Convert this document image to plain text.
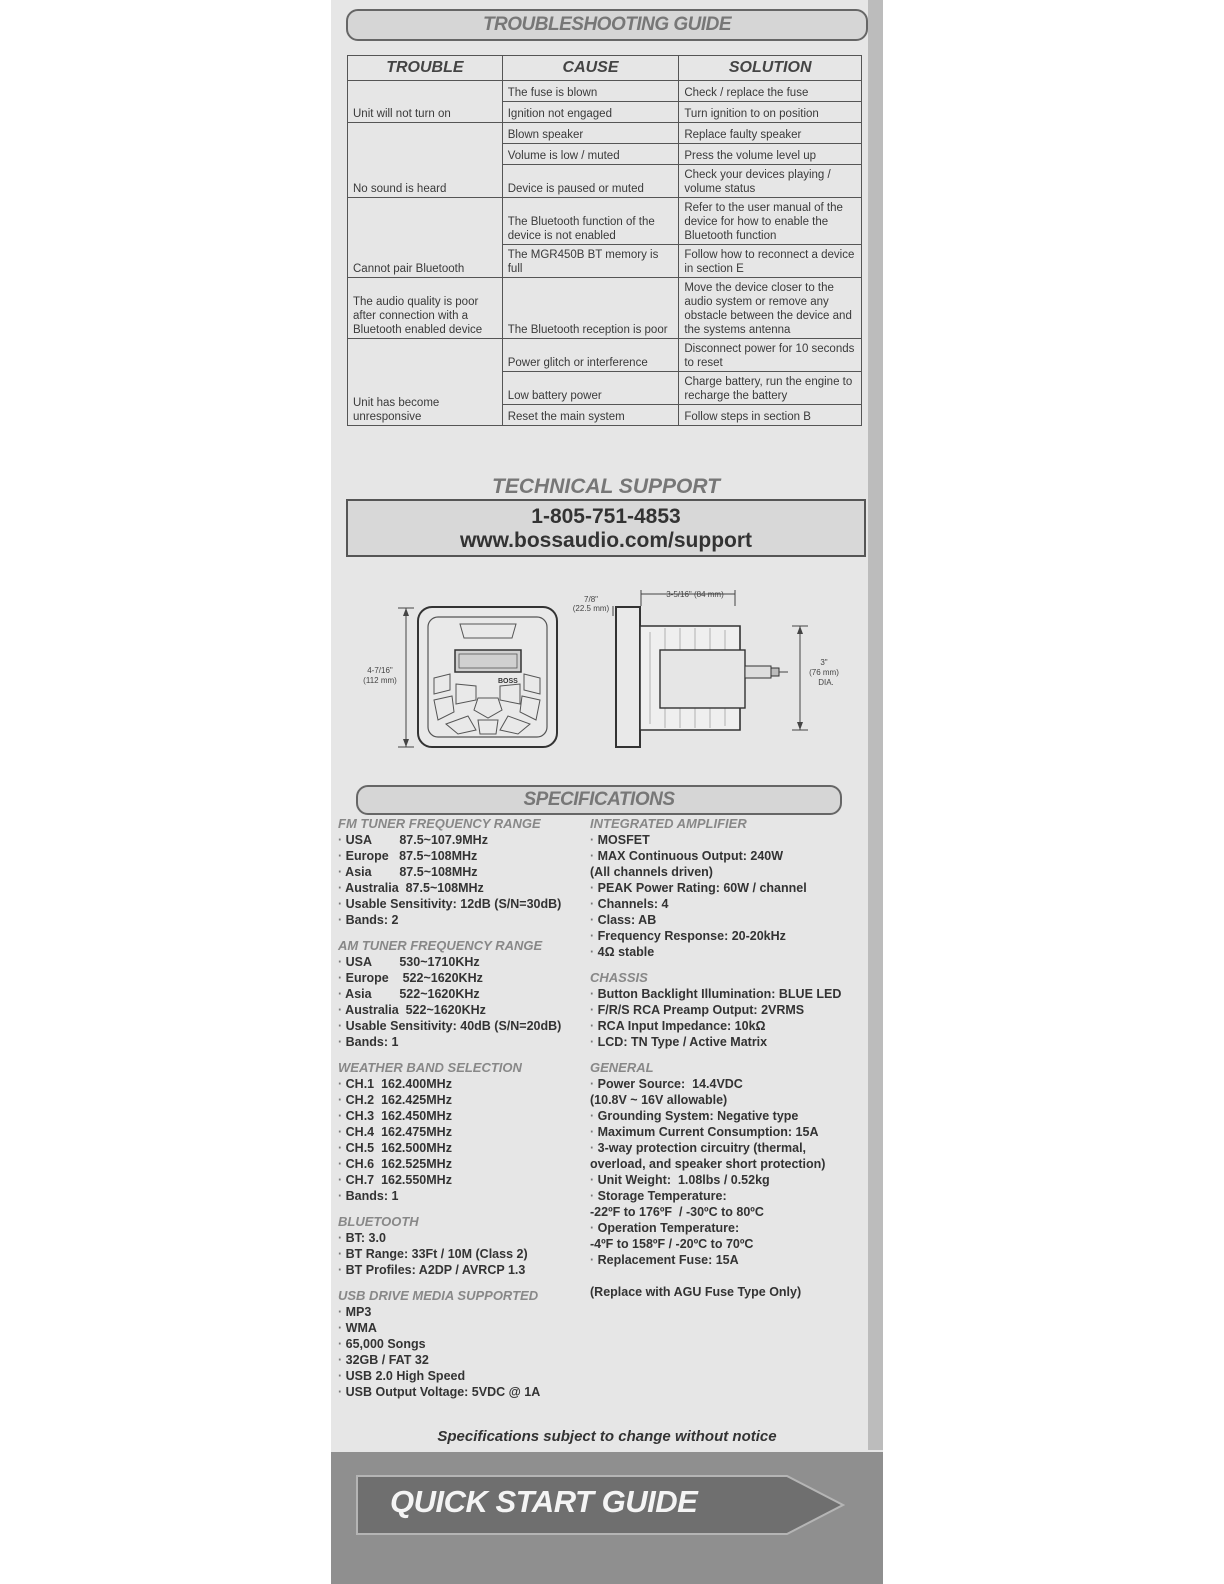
TROUBLESHOOTING GUIDE
TROUBLE	CAUSE	SOLUTION
Unit will not turn on	The fuse is blown	Check / replace the fuse
	Ignition not engaged	Turn ignition to on position
No sound is heard	Blown speaker	Replace faulty speaker
	Volume is low / muted	Press the volume level up
	Device is paused or muted	Check your devices playing / volume status
Cannot pair Bluetooth	The Bluetooth function of the device is not enabled	Refer to the user manual of the device for how to enable the Bluetooth function
	The MGR450B BT memory is full	Follow how to reconnect a device in section E
The audio quality is poor after connection with a Bluetooth enabled device	The Bluetooth reception is poor	Move the device closer to the audio system or remove any obstacle between the device and the systems antenna
Unit has become unresponsive	Power glitch or interference	Disconnect power for 10 seconds to reset
	Low battery power	Charge battery, run the engine to recharge the battery
	Reset the main system	Follow steps in section B
TECHNICAL SUPPORT
1-805-751-4853
www.bossaudio.com/support
4-7/16"
(112 mm)	BOSS
7/8"
(22.5 mm)
3-5/16" (84 mm)
3"
(76 mm)
DIA.
SPECIFICATIONS
FM TUNER FREQUENCY RANGE
· USA        87.5~107.9MHz
· Europe   87.5~108MHz
· Asia        87.5~108MHz
· Australia  87.5~108MHz
· Usable Sensitivity: 12dB (S/N=30dB)
· Bands: 2
AM TUNER FREQUENCY RANGE
· USA        530~1710KHz
· Europe    522~1620KHz
· Asia        522~1620KHz
· Australia  522~1620KHz
· Usable Sensitivity: 40dB (S/N=20dB)
· Bands: 1
WEATHER BAND SELECTION
· CH.1  162.400MHz
· CH.2  162.425MHz
· CH.3  162.450MHz
· CH.4  162.475MHz
· CH.5  162.500MHz
· CH.6  162.525MHz
· CH.7  162.550MHz
· Bands: 1
BLUETOOTH
· BT: 3.0
· BT Range: 33Ft / 10M (Class 2)
· BT Profiles: A2DP / AVRCP 1.3
USB DRIVE MEDIA SUPPORTED
· MP3
· WMA
· 65,000 Songs
· 32GB / FAT 32
· USB 2.0 High Speed
· USB Output Voltage: 5VDC @ 1A
INTEGRATED AMPLIFIER
· MOSFET
· MAX Continuous Output: 240W
(All channels driven)
· PEAK Power Rating: 60W / channel
· Channels: 4
· Class: AB
· Frequency Response: 20-20kHz
· 4Ω stable
CHASSIS
· Button Backlight Illumination: BLUE LED
· F/R/S RCA Preamp Output: 2VRMS
· RCA Input Impedance: 10kΩ
· LCD: TN Type / Active Matrix
GENERAL
· Power Source:  14.4VDC
(10.8V ~ 16V allowable)
· Grounding System: Negative type
· Maximum Current Consumption: 15A
· 3-way protection circuitry (thermal,
overload, and speaker short protection)
· Unit Weight:  1.08lbs / 0.52kg
· Storage Temperature:
-22ºF to 176ºF  / -30ºC to 80ºC
· Operation Temperature:
-4ºF to 158ºF / -20ºC to 70ºC
· Replacement Fuse: 15A
(Replace with AGU Fuse Type Only)
Specifications subject to change without notice
QUICK START GUIDE
